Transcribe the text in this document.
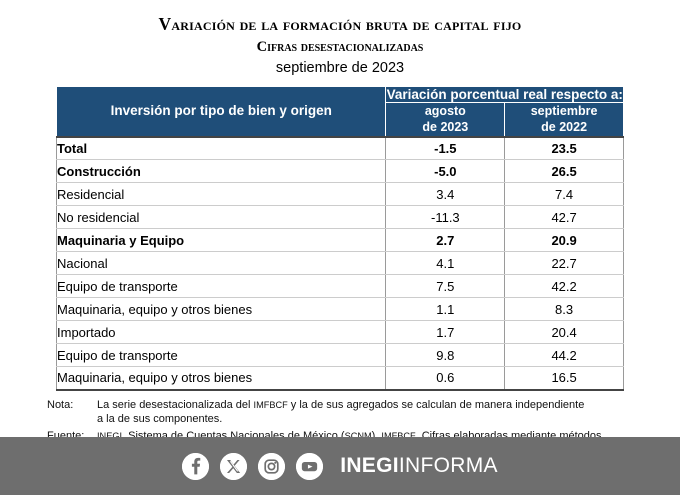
Variación de la formación bruta de capital fijo
Cifras desestacionalizadas
septiembre de 2023
Inversión por tipo de bien y origen	Variación porcentual real respecto a:	

agosto
de 2023

septiembre
de 2022

Total	-1.5	23.5
Construcción	-5.0	26.5
Residencial	3.4	7.4
No residencial	-11.3	42.7
Maquinaria y Equipo	2.7	20.9
Nacional	4.1	22.7
Equipo de transporte	7.5	42.2
Maquinaria, equipo y otros bienes	1.1	8.3
Importado	1.7	20.4
Equipo de transporte	9.8	44.2
Maquinaria, equipo y otros bienes	0.6	16.5
Nota:	La serie desestacionalizada del IMFBCF y la de sus agregados se calculan de manera independiente
a la de sus componentes.
INEGIINFORMA
